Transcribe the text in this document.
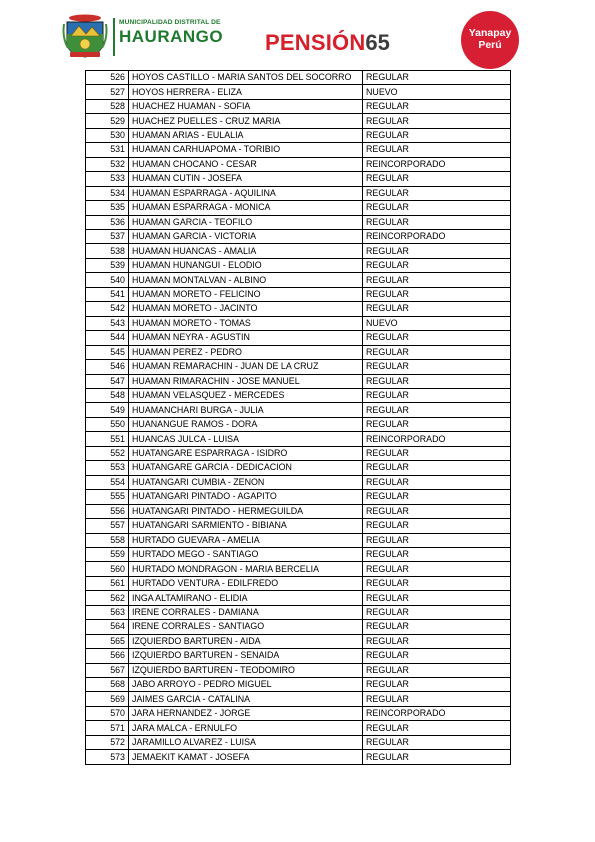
MUNICIPALIDAD DISTRITAL DE
HAURANGO PENSIÓN65	Yanapay
Perú
526	HOYOS CASTILLO - MARIA SANTOS DEL SOCORRO	REGULAR
527	HOYOS HERRERA - ELIZA	NUEVO
528	HUACHEZ HUAMAN - SOFIA	REGULAR
529	HUACHEZ PUELLES - CRUZ MARIA	REGULAR
530	HUAMAN ARIAS - EULALIA	REGULAR
531	HUAMAN CARHUAPOMA - TORIBIO	REGULAR
532	HUAMAN CHOCANO - CESAR	REINCORPORADO
533	HUAMAN CUTIN - JOSEFA	REGULAR
534	HUAMAN ESPARRAGA - AQUILINA	REGULAR
535	HUAMAN ESPARRAGA - MONICA	REGULAR
536	HUAMAN GARCIA - TEOFILO	REGULAR
537	HUAMAN GARCIA - VICTORIA	REINCORPORADO
538	HUAMAN HUANCAS - AMALIA	REGULAR
539	HUAMAN HUNANGUI - ELODIO	REGULAR
540	HUAMAN MONTALVAN - ALBINO	REGULAR
541	HUAMAN MORETO - FELICINO	REGULAR
542	HUAMAN MORETO - JACINTO	REGULAR
543	HUAMAN MORETO - TOMAS	NUEVO
544	HUAMAN NEYRA - AGUSTIN	REGULAR
545	HUAMAN PEREZ - PEDRO	REGULAR
546	HUAMAN REMARACHIN - JUAN DE LA CRUZ	REGULAR
547	HUAMAN RIMARACHIN - JOSE MANUEL	REGULAR
548	HUAMAN VELASQUEZ - MERCEDES	REGULAR
549	HUAMANCHARI BURGA - JULIA	REGULAR
550	HUANANGUE RAMOS - DORA	REGULAR
551	HUANCAS JULCA - LUISA	REINCORPORADO
552	HUATANGARE ESPARRAGA - ISIDRO	REGULAR
553	HUATANGARE GARCIA - DEDICACION	REGULAR
554	HUATANGARI CUMBIA - ZENON	REGULAR
555	HUATANGARI PINTADO - AGAPITO	REGULAR
556	HUATANGARI PINTADO - HERMEGUILDA	REGULAR
557	HUATANGARI SARMIENTO - BIBIANA	REGULAR
558	HURTADO GUEVARA - AMELIA	REGULAR
559	HURTADO MEGO - SANTIAGO	REGULAR
560	HURTADO MONDRAGON - MARIA BERCELIA	REGULAR
561	HURTADO VENTURA - EDILFREDO	REGULAR
562	INGA ALTAMIRANO - ELIDIA	REGULAR
563	IRENE CORRALES - DAMIANA	REGULAR
564	IRENE CORRALES - SANTIAGO	REGULAR
565	IZQUIERDO BARTUREN - AIDA	REGULAR
566	IZQUIERDO BARTUREN - SENAIDA	REGULAR
567	IZQUIERDO BARTUREN - TEODOMIRO	REGULAR
568	JABO ARROYO - PEDRO MIGUEL	REGULAR
569	JAIMES GARCIA - CATALINA	REGULAR
570	JARA HERNANDEZ - JORGE	REINCORPORADO
571	JARA MALCA - ERNULFO	REGULAR
572	JARAMILLO ALVAREZ - LUISA	REGULAR
573	JEMAEKIT KAMAT - JOSEFA	REGULAR
